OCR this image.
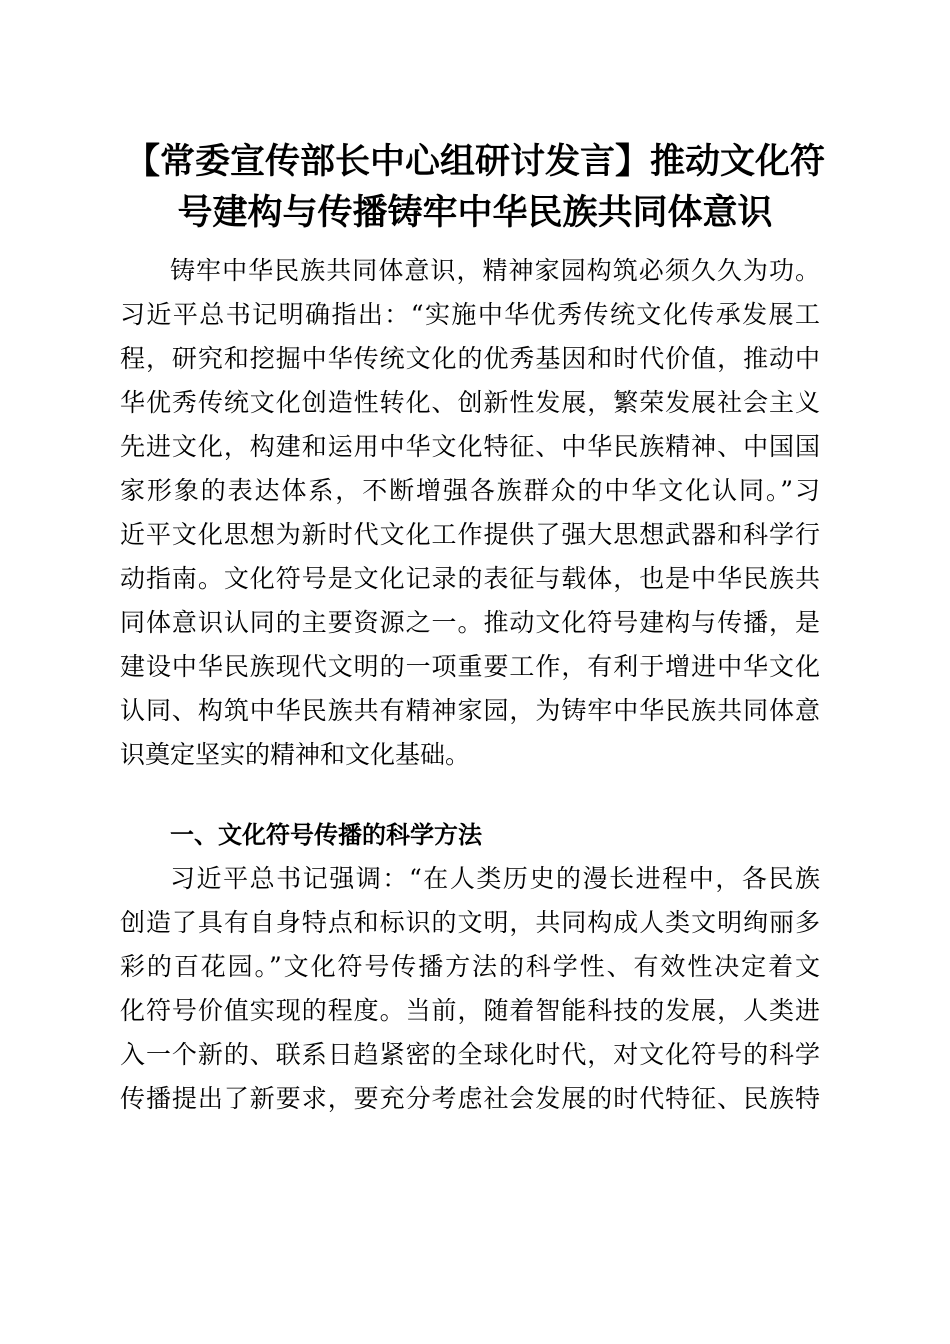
【常委宣传部长中心组研讨发言】推动文化符
号建构与传播铸牢中华民族共同体意识
铸牢中华民族共同体意识，精神家园构筑必须久久为功。
习近平总书记明确指出：“实施中华优秀传统文化传承发展工
程，研究和挖掘中华传统文化的优秀基因和时代价值，推动中
华优秀传统文化创造性转化、创新性发展，繁荣发展社会主义
先进文化，构建和运用中华文化特征、中华民族精神、中国国
家形象的表达体系，不断增强各族群众的中华文化认同。”习
近平文化思想为新时代文化工作提供了强大思想武器和科学行
动指南。文化符号是文化记录的表征与载体，也是中华民族共
同体意识认同的主要资源之一。推动文化符号建构与传播，是
建设中华民族现代文明的一项重要工作，有利于增进中华文化
认同、构筑中华民族共有精神家园，为铸牢中华民族共同体意
识奠定坚实的精神和文化基础。
一、文化符号传播的科学方法
习近平总书记强调：“在人类历史的漫长进程中，各民族
创造了具有自身特点和标识的文明，共同构成人类文明绚丽多
彩的百花园。”文化符号传播方法的科学性、有效性决定着文
化符号价值实现的程度。当前，随着智能科技的发展，人类进
入一个新的、联系日趋紧密的全球化时代，对文化符号的科学
传播提出了新要求，要充分考虑社会发展的时代特征、民族特
